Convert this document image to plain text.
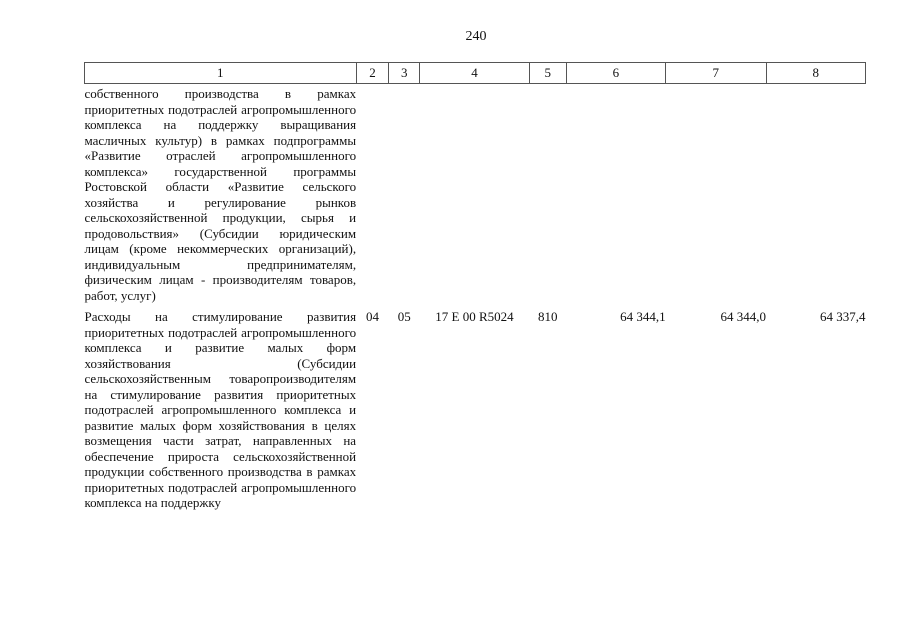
240
1	2	3	4	5	6	7	8
собственного производства в рамках приоритетных подотраслей агропромышленного комплекса на поддержку выращивания масличных культур) в рамках подпрограммы «Развитие отраслей агропромышленного комплекса» государственной программы Ростовской области «Развитие сельского хозяйства и регулирование рынков сельскохозяйственной продукции, сырья и продовольствия» (Субсидии юридическим лицам (кроме некоммерческих организаций), индивидуальным предпринимателям, физическим лицам - производителям товаров, работ, услуг)							
Расходы на стимулирование развития приоритетных подотраслей агропромышленного комплекса и развитие малых форм хозяйствования (Субсидии сельскохозяйственным товаропроизводителям на стимулирование развития приоритетных подотраслей агропромышленного комплекса и развитие малых форм хозяйствования в целях возмещения части затрат, направленных на обеспечение прироста сельскохозяйственной продукции собственного производства в рамках приоритетных подотраслей агропромышленного комплекса на поддержку	04	05	17 Е 00 R5024	810	64 344,1	64 344,0	64 337,4
